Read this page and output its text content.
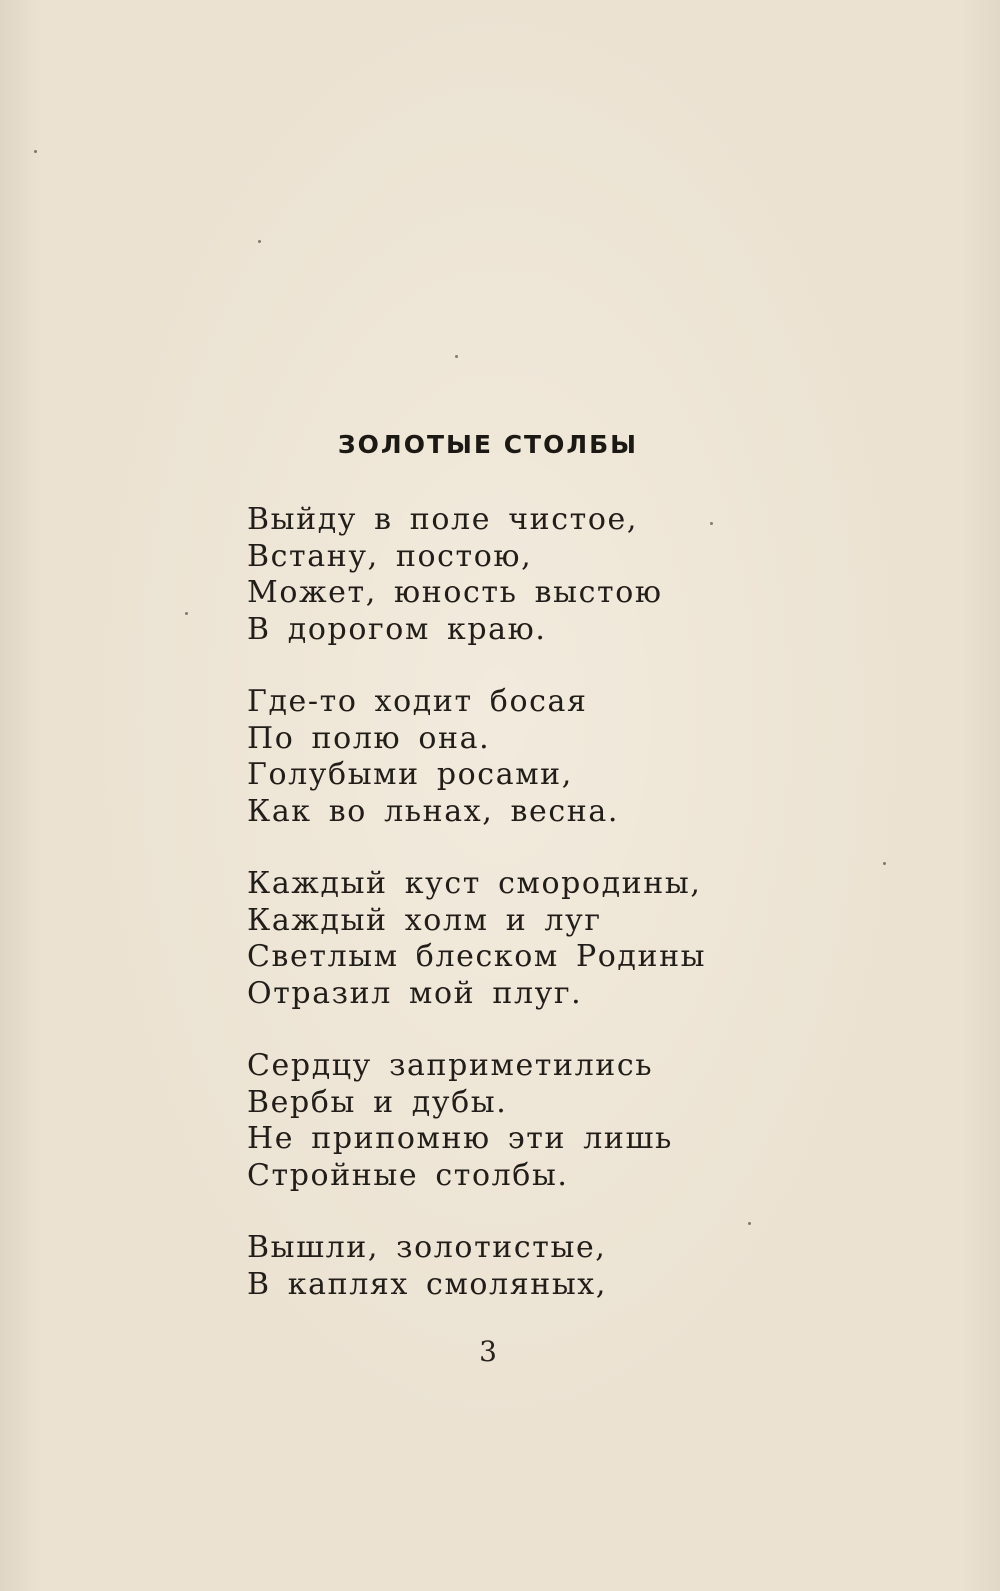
ЗОЛОТЫЕ СТОЛБЫ
Выйду в поле чистое,
Встану, постою,
Может, юность выстою
В дорогом краю.
Где-то ходит босая
По полю она.
Голубыми росами,
Как во льнах, весна.
Каждый куст смородины,
Каждый холм и луг
Светлым блеском Родины
Отразил мой плуг.
Сердцу заприметились
Вербы и дубы.
Не припомню эти лишь
Стройные столбы.
Вышли, золотистые,
В каплях смоляных,
3
